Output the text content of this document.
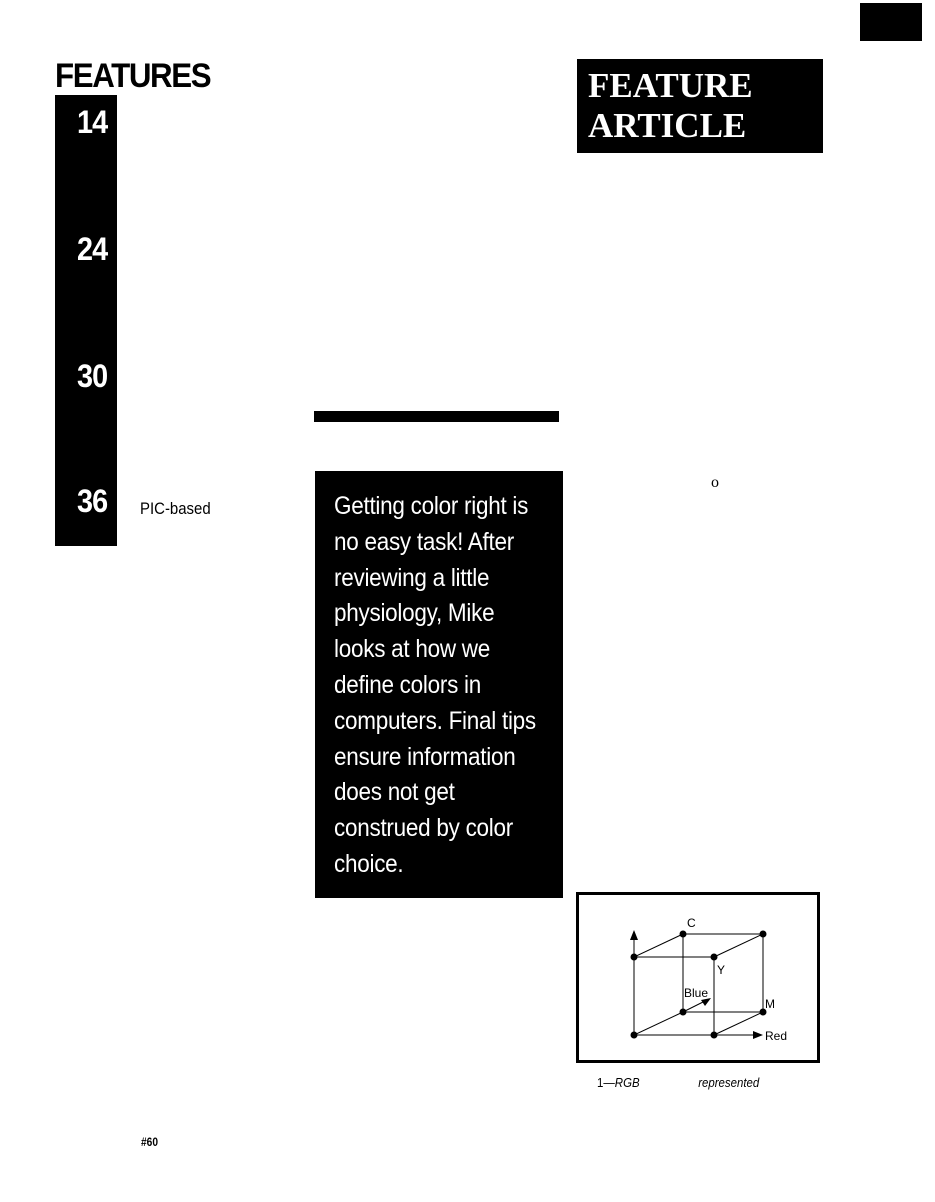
FEATURES
14
24
30
36 PIC-based
FEATURE
ARTICLE
o
Getting color right is
no easy task! After
reviewing a little
physiology, Mike
looks at how we
define colors in
computers. Final tips
ensure information
does not get
construed by color
choice.
C
Y
Blue
M
Red
1—RGB	represented
#60
